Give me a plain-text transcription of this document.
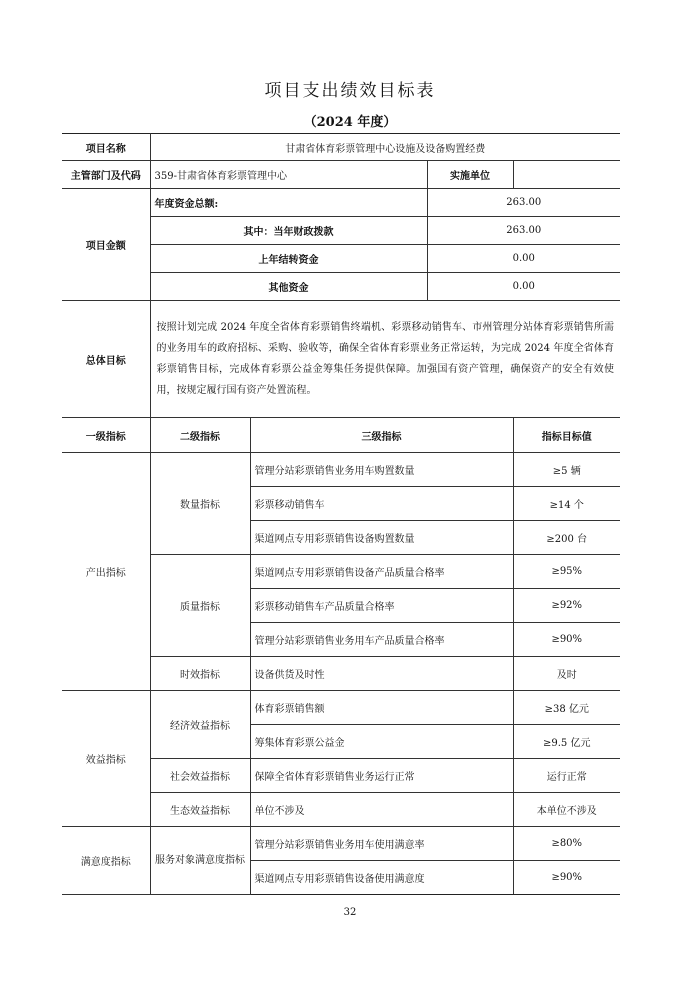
项目支出绩效目标表
（2024 年度）
项目名称	甘肃省体育彩票管理中心设施及设备购置经费			
主管部门及代码	359-甘肃省体育彩票管理中心		实施单位	
项目金额	年度资金总额:		263.00	
	其中：当年财政拨款		263.00	
	上年结转资金		0.00	
	其他资金		0.00	
总体目标	按照计划完成 2024 年度全省体育彩票销售终端机、彩票移动销售车、市州管理分站体育彩票销售所需的业务用车的政府招标、采购、验收等，确保全省体育彩票业务正常运转，为完成 2024 年度全省体育彩票销售目标，完成体育彩票公益金筹集任务提供保障。加强国有资产管理，确保资产的安全有效使用，按规定履行国有资产处置流程。			
一级指标	二级指标	三级指标		指标目标值
产出指标	数量指标	管理分站彩票销售业务用车购置数量		≥5 辆
		彩票移动销售车		≥14 个
		渠道网点专用彩票销售设备购置数量		≥200 台
	质量指标	渠道网点专用彩票销售设备产品质量合格率		≥95%
		彩票移动销售车产品质量合格率		≥92%
		管理分站彩票销售业务用车产品质量合格率		≥90%
	时效指标	设备供货及时性		及时
效益指标	经济效益指标	体育彩票销售额		≥38 亿元
		筹集体育彩票公益金		≥9.5 亿元
	社会效益指标	保障全省体育彩票销售业务运行正常		运行正常
	生态效益指标	单位不涉及		本单位不涉及
满意度指标	服务对象满意度指标	管理分站彩票销售业务用车使用满意率		≥80%
		渠道网点专用彩票销售设备使用满意度		≥90%
32
